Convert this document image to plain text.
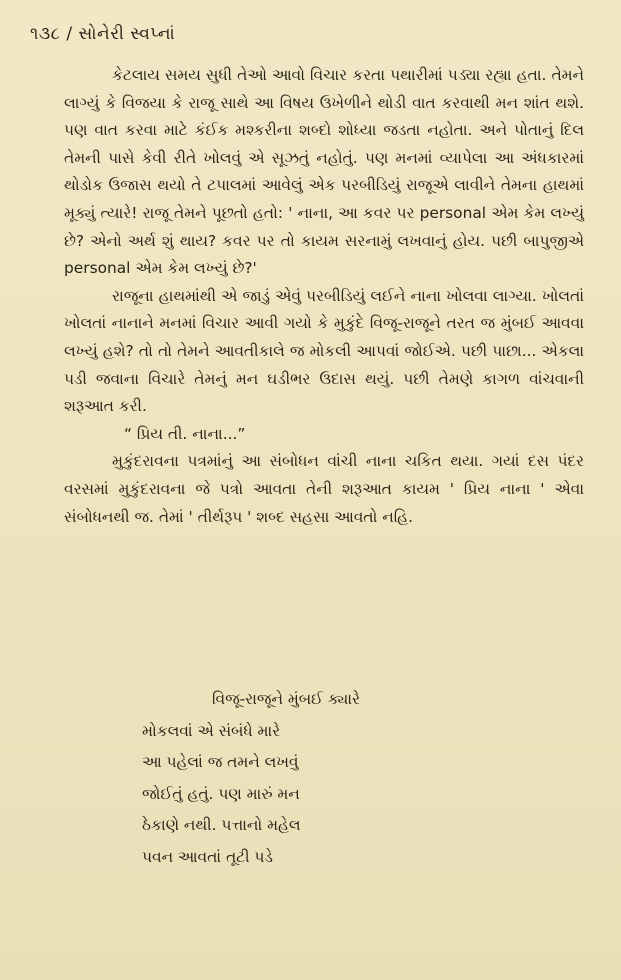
૧૩૮ / સોનેરી સ્વપ્નાં

કેટલાય સમય સુધી તેઓ આવો વિચાર કરતા પથારીમાં પડ્યા રહ્યા હતા. તેમને લાગ્યું કે વિજયા કે રાજૂ સાથે આ વિષય ઉખેળીને થોડી વાત કરવાથી મન શાંત થશે. પણ વાત કરવા માટે કંઈક મશ્કરીના શબ્દો શોધ્યા જડતા નહોતા. અને પોતાનું દિલ તેમની પાસે કેવી રીતે ખોલવું એ સૂઝતું નહોતું. પણ મનમાં વ્યાપેલા આ અંધકારમાં થોડોક ઉજાસ થયો તે ટપાલમાં આવેલું એક પરબીડિયું રાજૂએ લાવીને તેમના હાથમાં મૂક્યું ત્યારે! રાજૂ તેમને પૂછતો હતો: ' નાના, આ કવર પર personal એમ કેમ લખ્યું છે? એનો અર્થ શું થાય? કવર પર તો કાયમ સરનામું લખવાનું હોય. પછી બાપુજીએ personal એમ કેમ લખ્યું છે?'

રાજૂના હાથમાંથી એ જાડું એવું પરબીડિયું લઈને નાના ખોલવા લાગ્યા. ખોલતાં ખોલતાં નાનાને મનમાં વિચાર આવી ગયો કે મુકુંદે વિજૂ-રાજૂને તરત જ મુંબઈ આવવા લખ્યું હશે? તો તો તેમને આવતીકાલે જ મોકલી આપવાં જોઈએ. પછી પાછા... એકલા પડી જવાના વિચારે તેમનું મન ઘડીભર ઉદાસ થયું. પછી તેમણે કાગળ વાંચવાની શરૂઆત કરી.

“ પ્રિય તી. નાના...”

મુકુંદરાવના પત્રમાંનું આ સંબોધન વાંચી નાના ચકિત થયા. ગયાં દસ પંદર વરસમાં મુકુંદરાવના જે પત્રો આવતા તેની શરૂઆત કાયમ ' પ્રિય નાના ' એવા સંબોધનથી જ. તેમાં ' તીર્થરૂપ ' શબ્દ સહસા આવતો નહિ.

વિજૂ-રાજૂને મુંબઈ ક્યારે
મોકલવાં એ સંબંધે મારે
આ પહેલાં જ તમને લખવું
જોઈતું હતું. પણ મારું મન
ઠેકાણે નથી. પત્તાનો મહેલ
પવન આવતાં તૂટી પડે
